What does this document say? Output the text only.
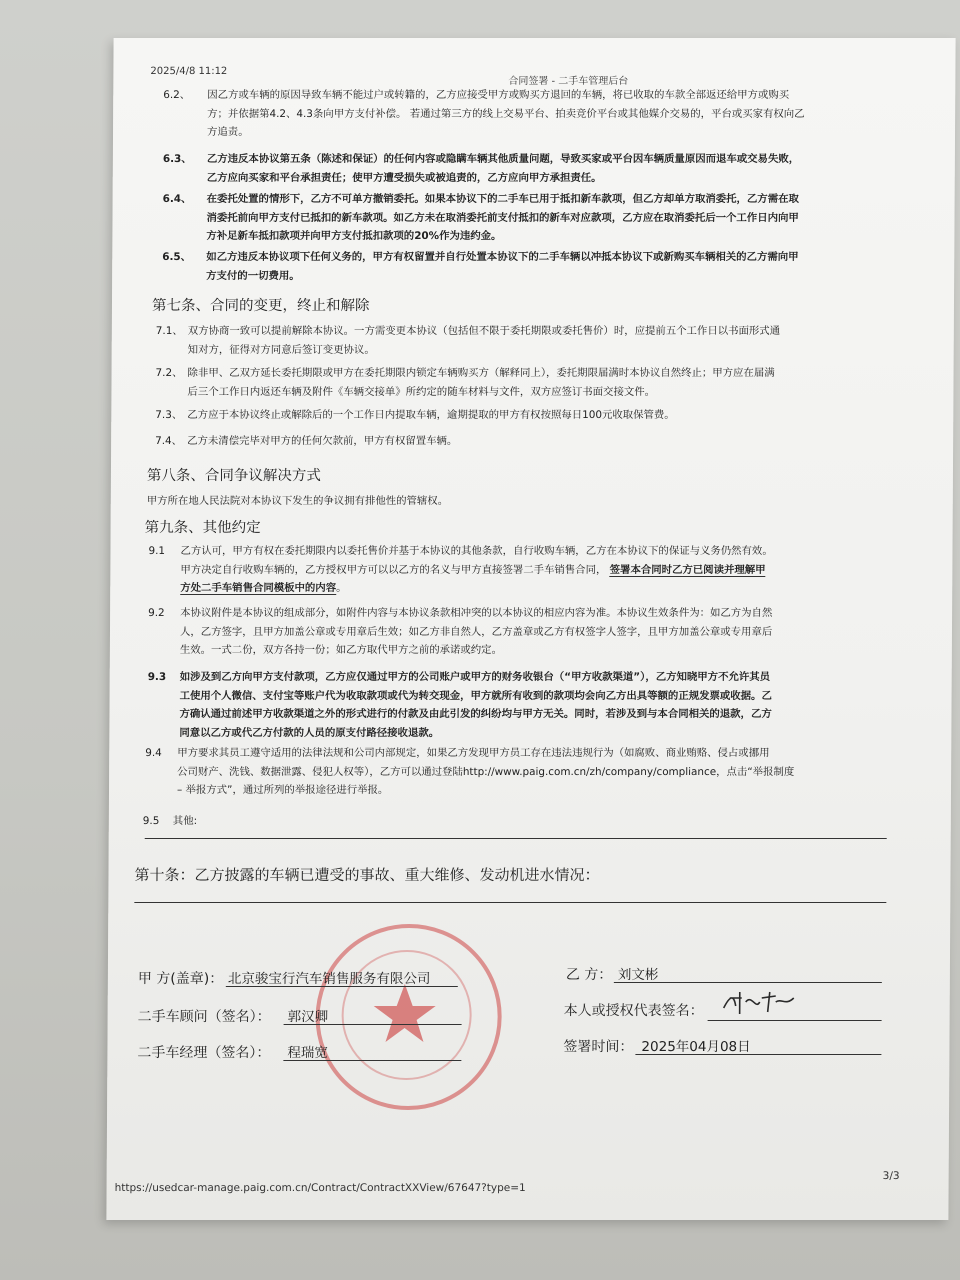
2025/4/8 11:12
合同签署 - 二手车管理后台
6.2、 因乙方或车辆的原因导致车辆不能过户或转籍的，乙方应接受甲方或购买方退回的车辆，将已收取的车款全部返还给甲方或购买
方；并依据第4.2、4.3条向甲方支付补偿。 若通过第三方的线上交易平台、拍卖竞价平台或其他媒介交易的，平台或买家有权向乙
方追责。
6.3、 乙方违反本协议第五条（陈述和保证）的任何内容或隐瞒车辆其他质量问题，导致买家或平台因车辆质量原因而退车或交易失败，
乙方应向买家和平台承担责任；使甲方遭受损失或被追责的，乙方应向甲方承担责任。
6.4、 在委托处置的情形下，乙方不可单方撤销委托。如果本协议下的二手车已用于抵扣新车款项，但乙方却单方取消委托，乙方需在取
消委托前向甲方支付已抵扣的新车款项。如乙方未在取消委托前支付抵扣的新车对应款项，乙方应在取消委托后一个工作日内向甲
方补足新车抵扣款项并向甲方支付抵扣款项的20%作为违约金。
6.5、 如乙方违反本协议项下任何义务的，甲方有权留置并自行处置本协议下的二手车辆以冲抵本协议下或新购买车辆相关的乙方需向甲
方支付的一切费用。
第七条、合同的变更，终止和解除
7.1、 双方协商一致可以提前解除本协议。一方需变更本协议（包括但不限于委托期限或委托售价）时，应提前五个工作日以书面形式通
知对方，征得对方同意后签订变更协议。
7.2、 除非甲、乙双方延长委托期限或甲方在委托期限内锁定车辆购买方（解释同上），委托期限届满时本协议自然终止；甲方应在届满
后三个工作日内返还车辆及附件《车辆交接单》所约定的随车材料与文件，双方应签订书面交接文件。
7.3、 乙方应于本协议终止或解除后的一个工作日内提取车辆，逾期提取的甲方有权按照每日100元收取保管费。
7.4、 乙方未清偿完毕对甲方的任何欠款前，甲方有权留置车辆。
第八条、合同争议解决方式
甲方所在地人民法院对本协议下发生的争议拥有排他性的管辖权。
第九条、其他约定
9.1 乙方认可，甲方有权在委托期限内以委托售价并基于本协议的其他条款，自行收购车辆，乙方在本协议下的保证与义务仍然有效。
甲方决定自行收购车辆的，乙方授权甲方可以以乙方的名义与甲方直接签署二手车销售合同， 签署本合同时乙方已阅读并理解甲
方处二手车销售合同模板中的内容。
9.2 本协议附件是本协议的组成部分，如附件内容与本协议条款相冲突的以本协议的相应内容为准。本协议生效条件为：如乙方为自然
人，乙方签字，且甲方加盖公章或专用章后生效；如乙方非自然人，乙方盖章或乙方有权签字人签字，且甲方加盖公章或专用章后
生效。一式二份，双方各持一份；如乙方取代甲方之前的承诺或约定。
9.3 如涉及到乙方向甲方支付款项，乙方应仅通过甲方的公司账户或甲方的财务收银台（“甲方收款渠道”），乙方知晓甲方不允许其员
工使用个人微信、支付宝等账户代为收取款项或代为转交现金，甲方就所有收到的款项均会向乙方出具等额的正规发票或收据。乙
方确认通过前述甲方收款渠道之外的形式进行的付款及由此引发的纠纷均与甲方无关。同时，若涉及到与本合同相关的退款，乙方
同意以乙方或代乙方付款的人员的原支付路径接收退款。
9.4 甲方要求其员工遵守适用的法律法规和公司内部规定，如果乙方发现甲方员工存在违法违规行为（如腐败、商业贿赂、侵占或挪用
公司财产、洗钱、数据泄露、侵犯人权等），乙方可以通过登陆http://www.paig.com.cn/zh/company/compliance，点击“举报制度
– 举报方式”，通过所列的举报途径进行举报。
9.5 其他:
第十条：乙方披露的车辆已遭受的事故、重大维修、发动机进水情况：
甲 方(盖章)： 北京骏宝行汽车销售服务有限公司
二手车顾问（签名）： 郭汉卿
二手车经理（签名）： 程瑞宽
乙 方： 刘文彬
本人或授权代表签名：
签署时间： 2025年04月08日
https://usedcar-manage.paig.com.cn/Contract/ContractXXView/67647?type=1
3/3
